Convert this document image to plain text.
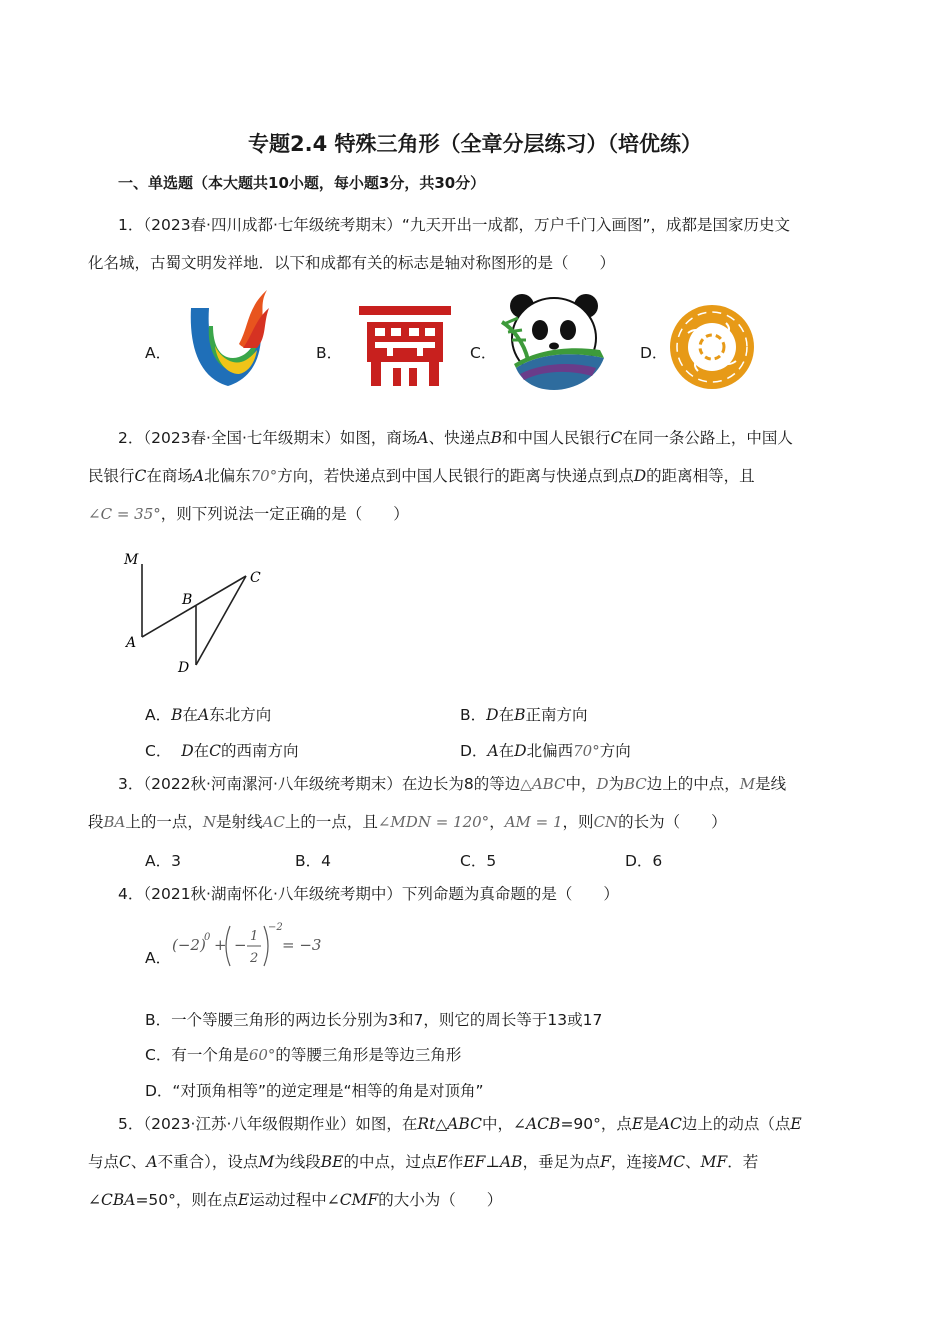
专题2.4 特殊三角形（全章分层练习）（培优练）
一、单选题（本大题共10小题，每小题3分，共30分）
1．（2023春·四川成都·七年级统考期末）“九天开出一成都，万户千门入画图”，成都是国家历史文
化名城，古蜀文明发祥地．以下和成都有关的标志是轴对称图形的是（　　）
A．	B．	C．	D．
2．（2023春·全国·七年级期末）如图，商场A、快递点B和中国人民银行C在同一条公路上，中国人
民银行C在商场A北偏东70°方向，若快递点到中国人民银行的距离与快递点到点D的距离相等，且
∠C = 35°，则下列说法一定正确的是（　　）
M
A
B
C
D
A．B在A东北方向	B．D在B正南方向
C． D在C的西南方向	D．A在D北偏西70°方向
3．（2022秋·河南漯河·八年级统考期末）在边长为8的等边△ABC中，D为BC边上的中点，M是线
段BA上的一点，N是射线AC上的一点，且∠MDN = 120°，AM = 1，则CN的长为（　　）
A．3	B．4	C．5	D．6
4．（2021秋·湖南怀化·八年级统考期中）下列命题为真命题的是（　　）
A．
(−2)
0 + − 1
2
−2
= −3
B．一个等腰三角形的两边长分别为3和7，则它的周长等于13或17
C．有一个角是60°的等腰三角形是等边三角形
D．“对顶角相等”的逆定理是“相等的角是对顶角”
5．（2023·江苏·八年级假期作业）如图，在Rt△ABC中，∠ACB=90°，点E是AC边上的动点（点E
与点C、A不重合），设点M为线段BE的中点，过点E作EF⊥AB，垂足为点F，连接MC、MF．若
∠CBA=50°，则在点E运动过程中∠CMF的大小为（　　）
